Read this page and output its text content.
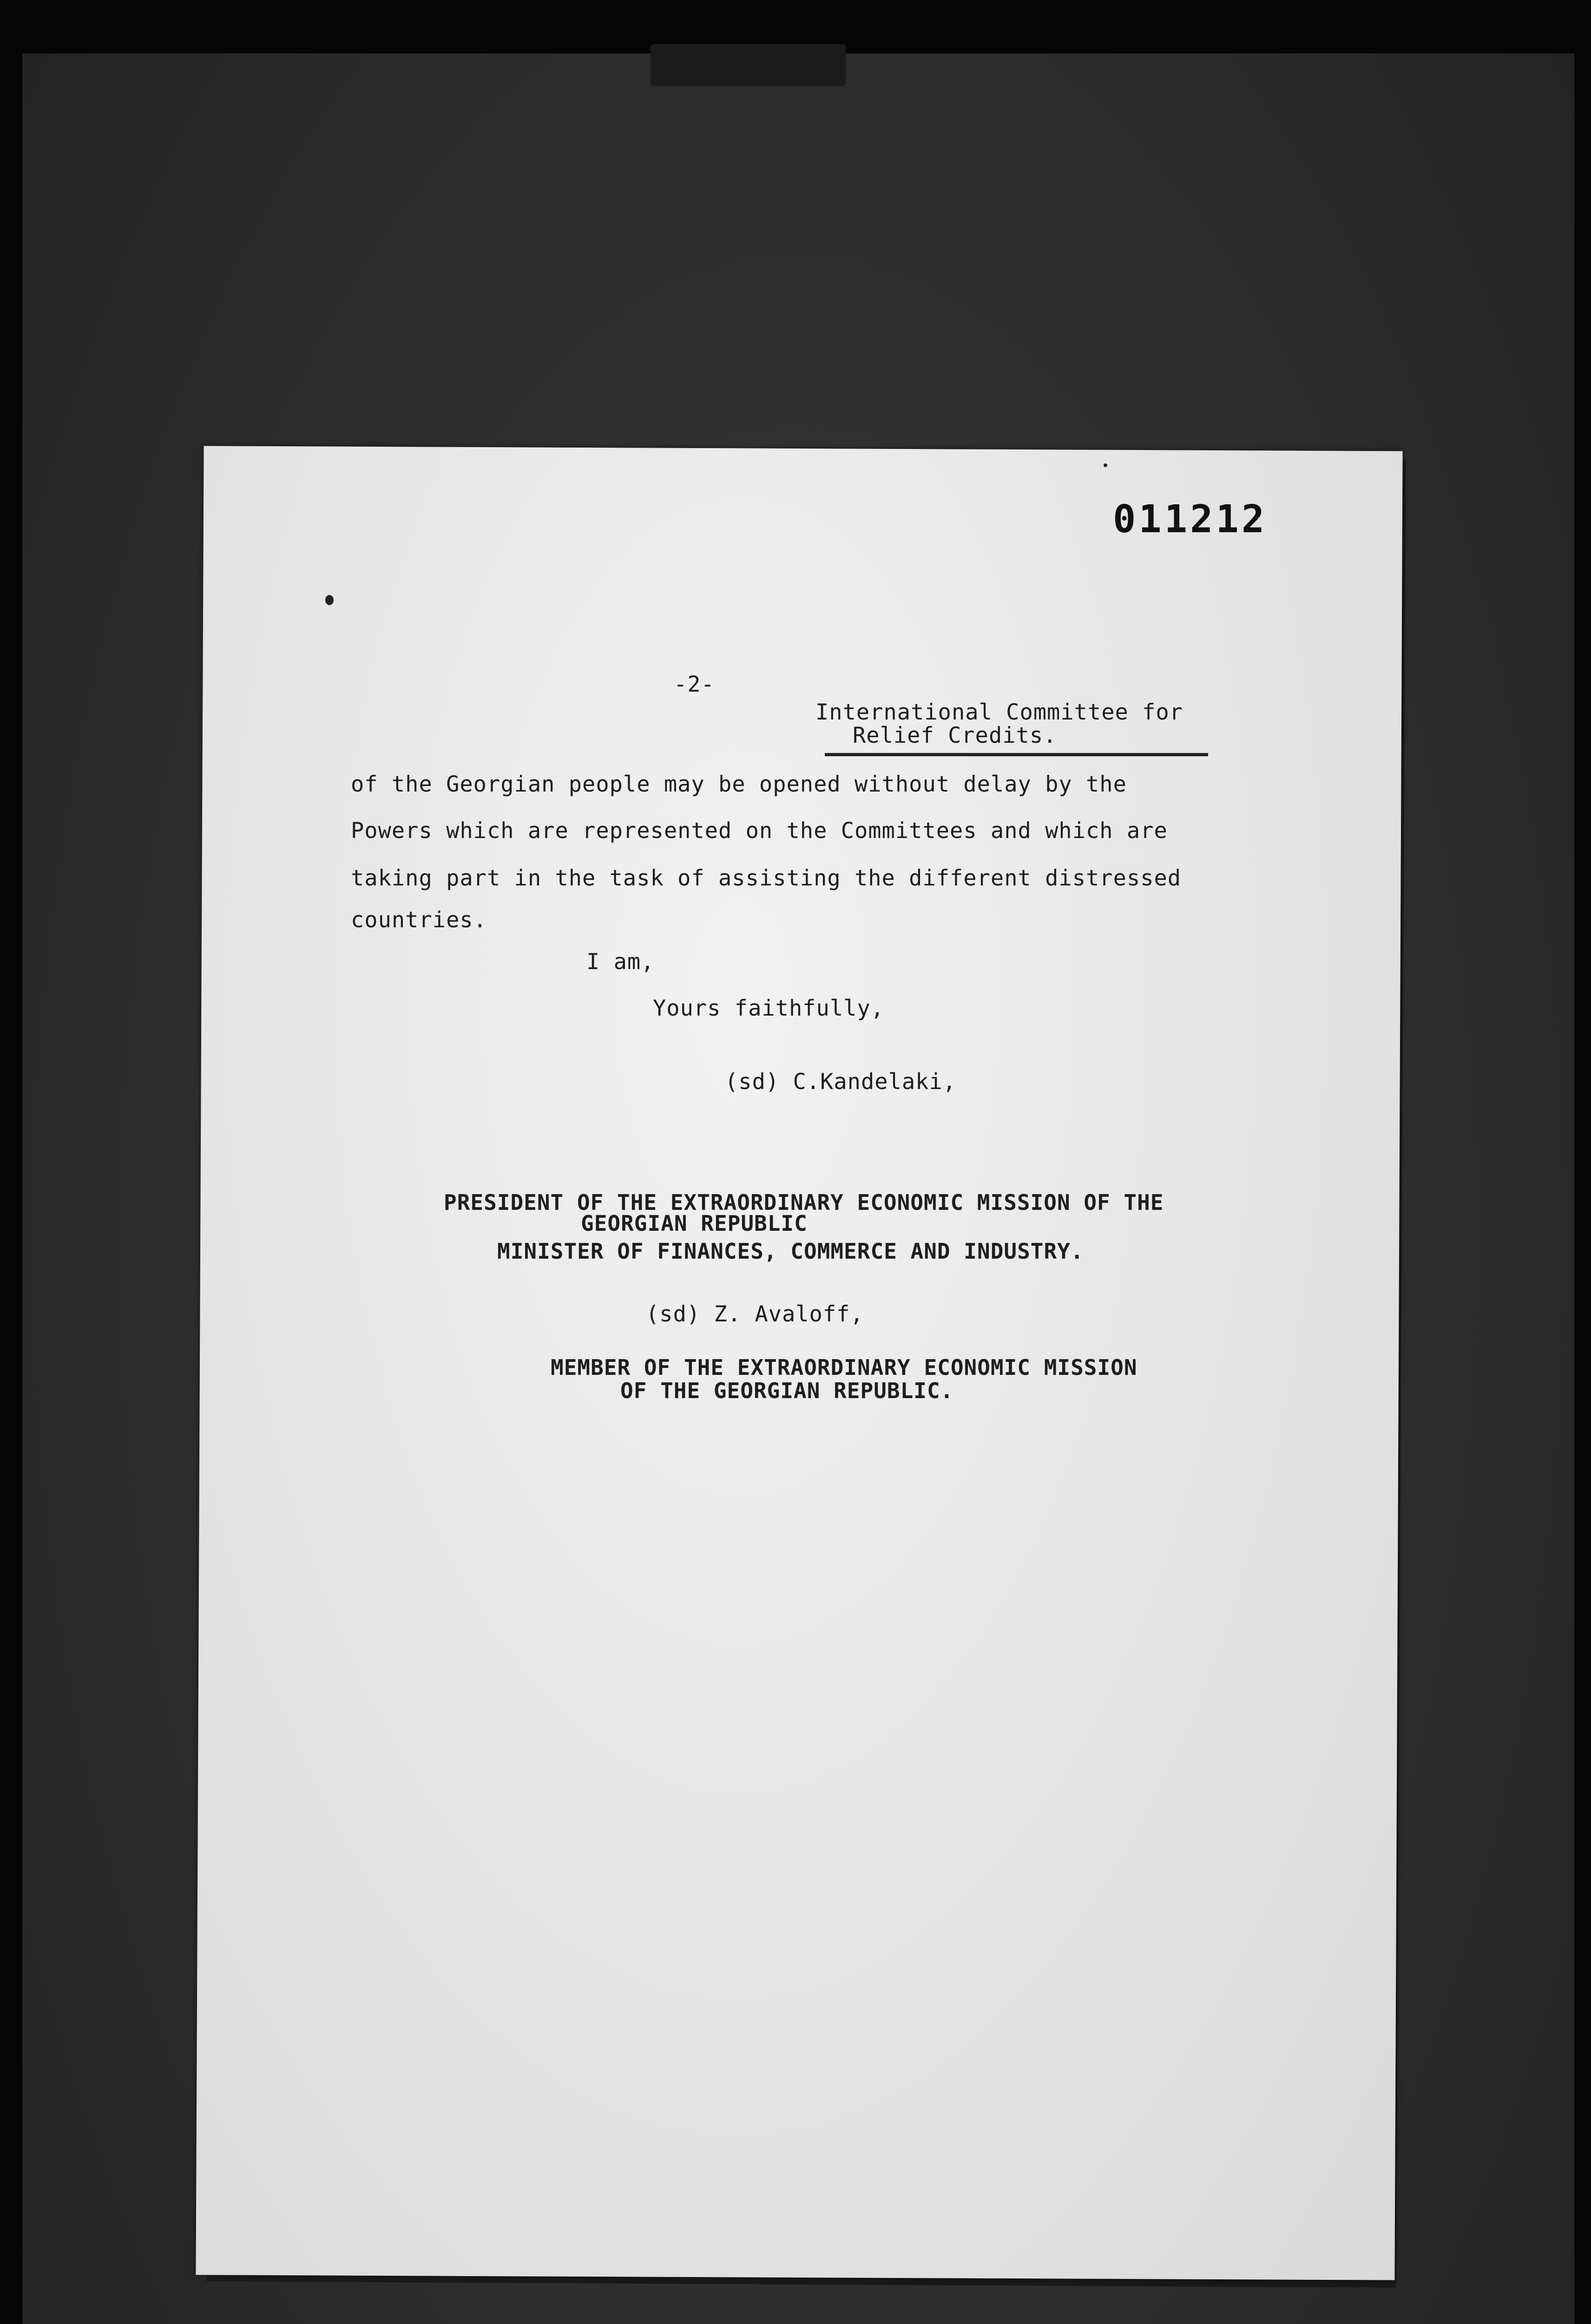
011212
-2-
International Committee for
Relief Credits.
of the Georgian people may be opened without delay by the
Powers which are represented on the Committees and which are
taking part in the task of assisting the different distressed
countries.
I am,
Yours faithfully,
(sd) C.Kandelaki,
PRESIDENT OF THE EXTRAORDINARY ECONOMIC MISSION OF THE
GEORGIAN REPUBLIC
MINISTER OF FINANCES, COMMERCE AND INDUSTRY.
(sd) Z. Avaloff,
MEMBER OF THE EXTRAORDINARY ECONOMIC MISSION
OF THE GEORGIAN REPUBLIC.
